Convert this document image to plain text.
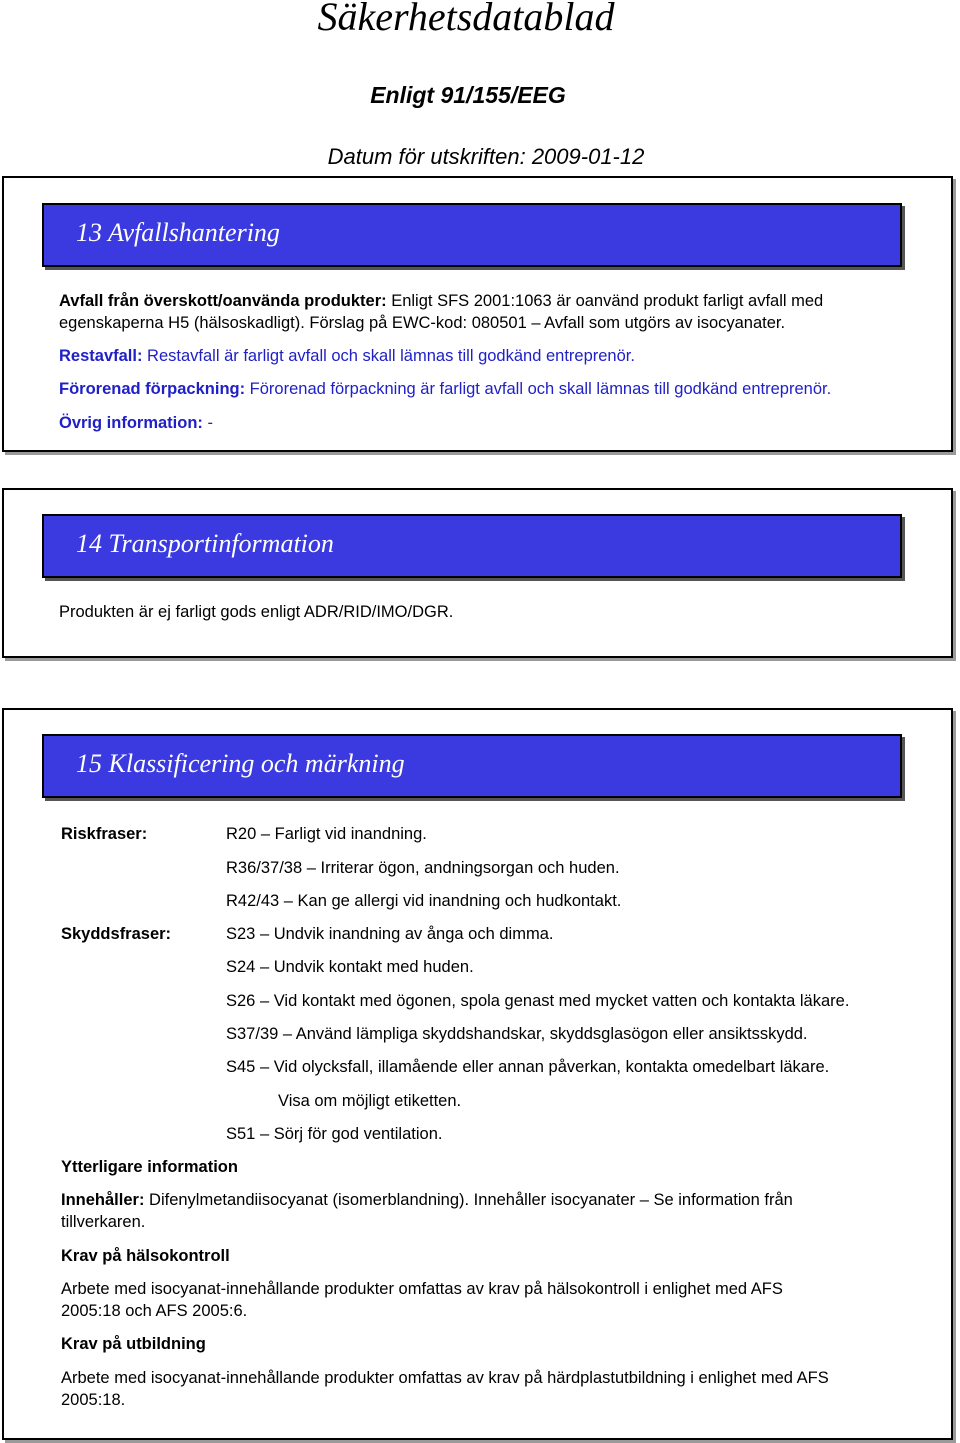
Säkerhetsdatablad
Enligt 91/155/EEG
Datum för utskriften: 2009-01-12
13 Avfallshantering
Avfall från överskott/oanvända produkter: Enligt SFS 2001:1063 är oanvänd produkt farligt avfall med
egenskaperna H5 (hälsoskadligt). Förslag på EWC-kod: 080501 – Avfall som utgörs av isocyanater.
Restavfall: Restavfall är farligt avfall och skall lämnas till godkänd entreprenör.
Förorenad förpackning: Förorenad förpackning är farligt avfall och skall lämnas till godkänd entreprenör.
Övrig information: -
14 Transportinformation
Produkten är ej farligt gods enligt ADR/RID/IMO/DGR.
15 Klassificering och märkning
Riskfraser:	R20 – Farligt vid inandning.
R36/37/38 – Irriterar ögon, andningsorgan och huden.
R42/43 – Kan ge allergi vid inandning och hudkontakt.
Skyddsfraser:	S23 – Undvik inandning av ånga och dimma.
S24 – Undvik kontakt med huden.
S26 – Vid kontakt med ögonen, spola genast med mycket vatten och kontakta läkare.
S37/39 – Använd lämpliga skyddshandskar, skyddsglasögon eller ansiktsskydd.
S45 – Vid olycksfall, illamående eller annan påverkan, kontakta omedelbart läkare.
Visa om möjligt etiketten.
S51 – Sörj för god ventilation.
Ytterligare information
Innehåller: Difenylmetandiisocyanat (isomerblandning). Innehåller isocyanater – Se information från
tillverkaren.
Krav på hälsokontroll
Arbete med isocyanat-innehållande produkter omfattas av krav på hälsokontroll i enlighet med AFS
2005:18 och AFS 2005:6.
Krav på utbildning
Arbete med isocyanat-innehållande produkter omfattas av krav på härdplastutbildning i enlighet med AFS
2005:18.
